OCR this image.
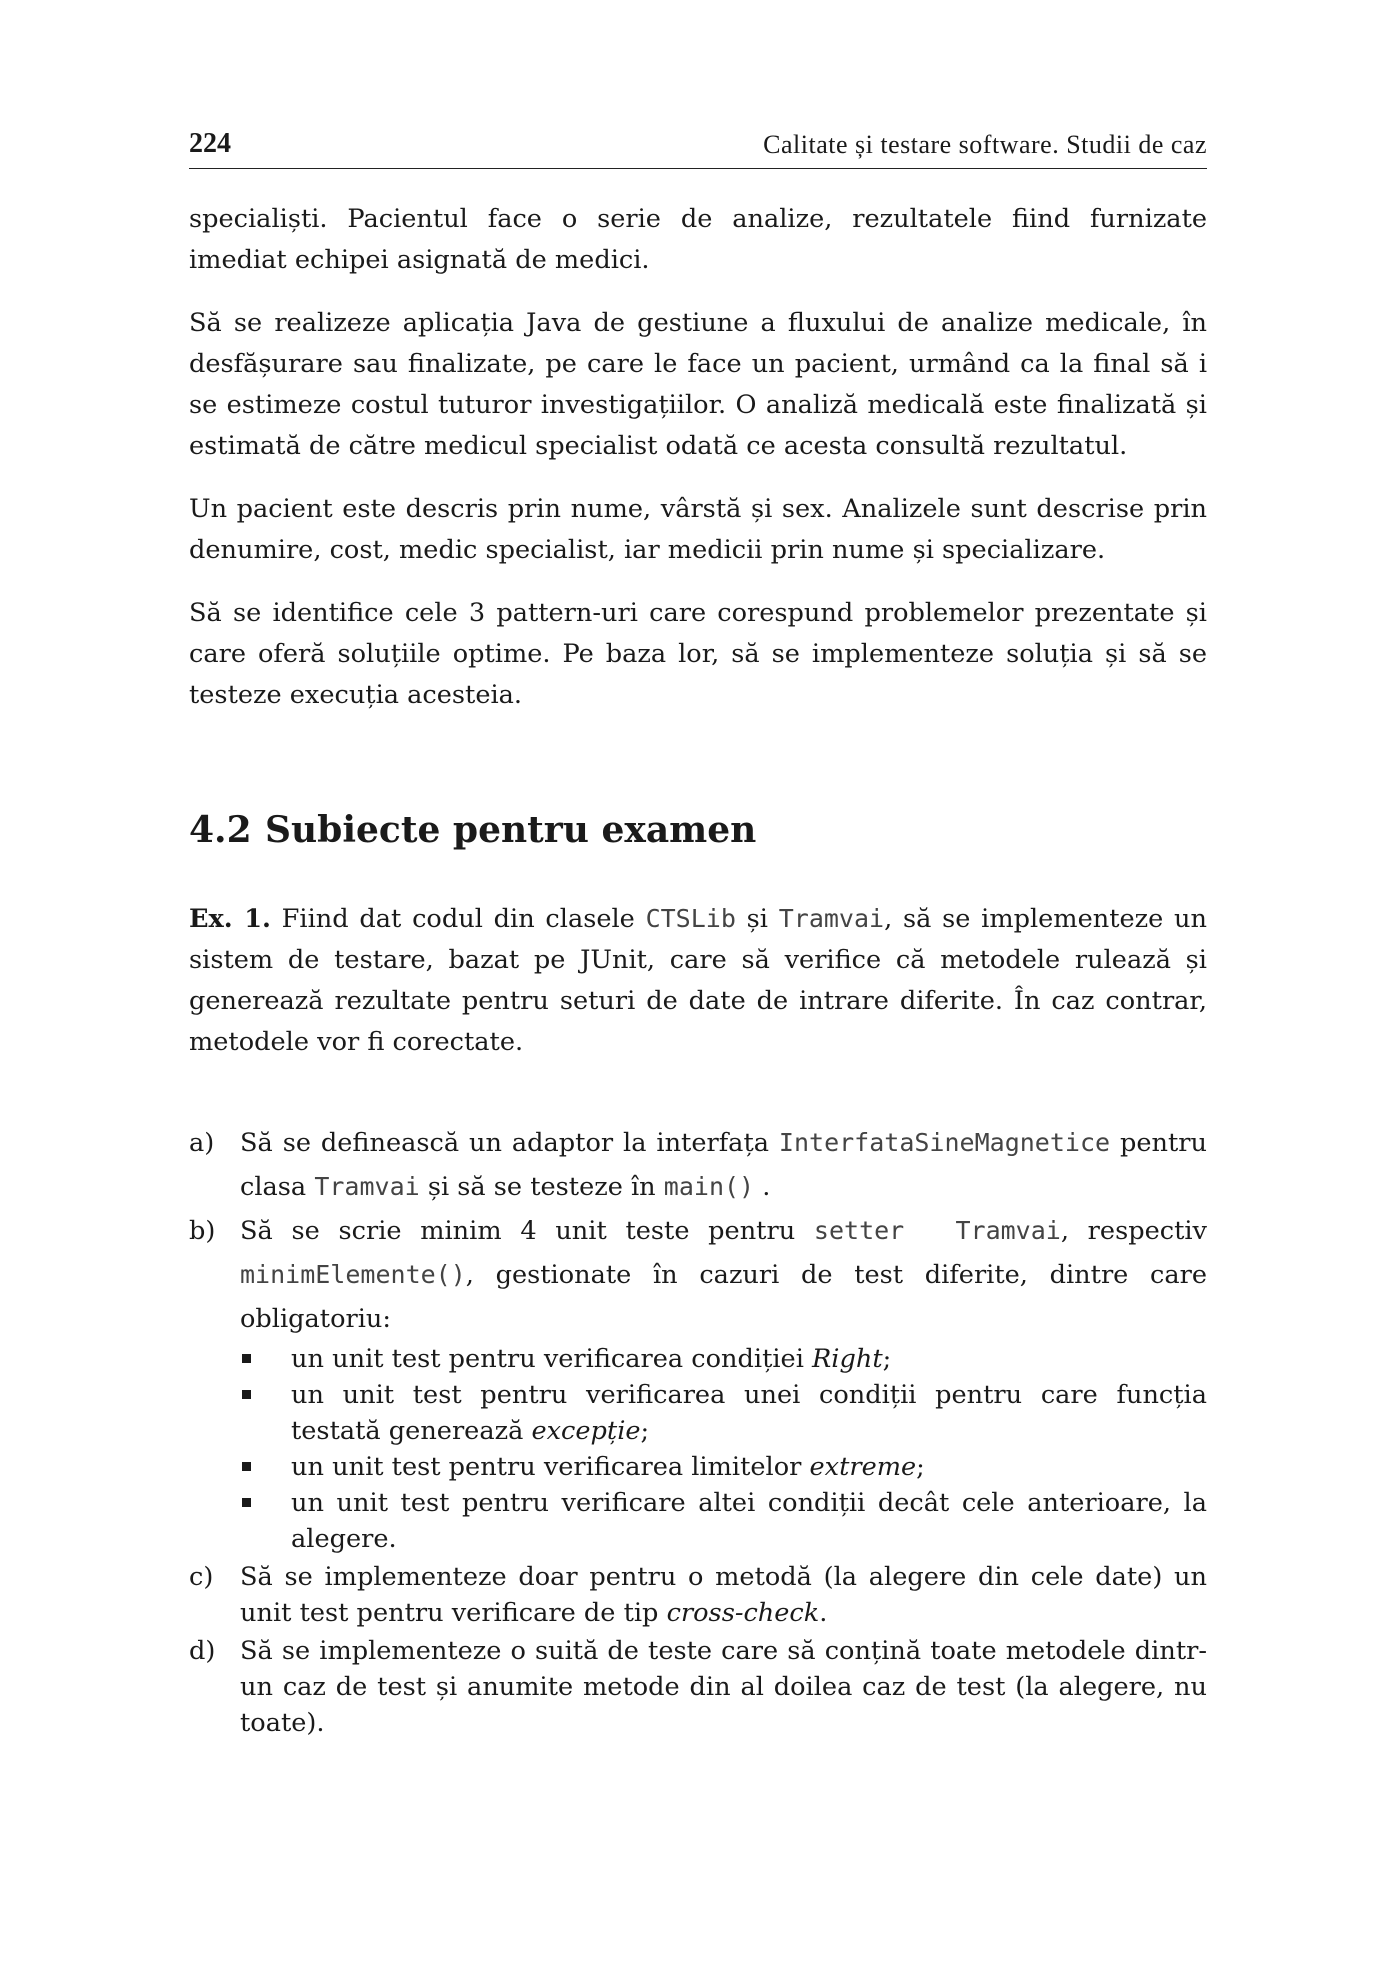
224	Calitate și testare software. Studii de caz

specialiști. Pacientul face o serie de analize, rezultatele fiind furnizate imediat echipei asignată de medici.

Să se realizeze aplicația Java de gestiune a fluxului de analize medicale, în desfășurare sau finalizate, pe care le face un pacient, urmând ca la final să i se estimeze costul tuturor investigațiilor. O analiză medicală este finalizată și estimată de către medicul specialist odată ce acesta consultă rezultatul.

Un pacient este descris prin nume, vârstă și sex. Analizele sunt descrise prin denumire, cost, medic specialist, iar medicii prin nume și specializare.

Să se identifice cele 3 pattern-uri care corespund problemelor prezentate și care oferă soluțiile optime. Pe baza lor, să se implementeze soluția și să se testeze execuția acesteia.

4.2 Subiecte pentru examen

Ex. 1. Fiind dat codul din clasele CTSLib și Tramvai, să se implementeze un sistem de testare, bazat pe JUnit, care să verifice că metodele rulează și generează rezultate pentru seturi de date de intrare diferite. În caz contrar, metodele vor fi corectate.

a)	Să se definească un adaptor la interfața InterfataSineMagnetice pentru clasa Tramvai și să se testeze în main() .
b) Să se scrie minim 4 unit teste pentru setter  Tramvai, respectiv minimElemente(), gestionate în cazuri de test diferite, dintre care obligatoriu:
un unit test pentru verificarea condiției Right;
un unit test pentru verificarea unei condiții pentru care funcția testată generează excepție;
un unit test pentru verificarea limitelor extreme;
un unit test pentru verificare altei condiții decât cele anterioare, la alegere.
c)	Să se implementeze doar pentru o metodă (la alegere din cele date) un unit test pentru verificare de tip cross-check.
d) Să se implementeze o suită de teste care să conțină toate metodele dintr-un caz de test și anumite metode din al doilea caz de test (la alegere, nu toate).
